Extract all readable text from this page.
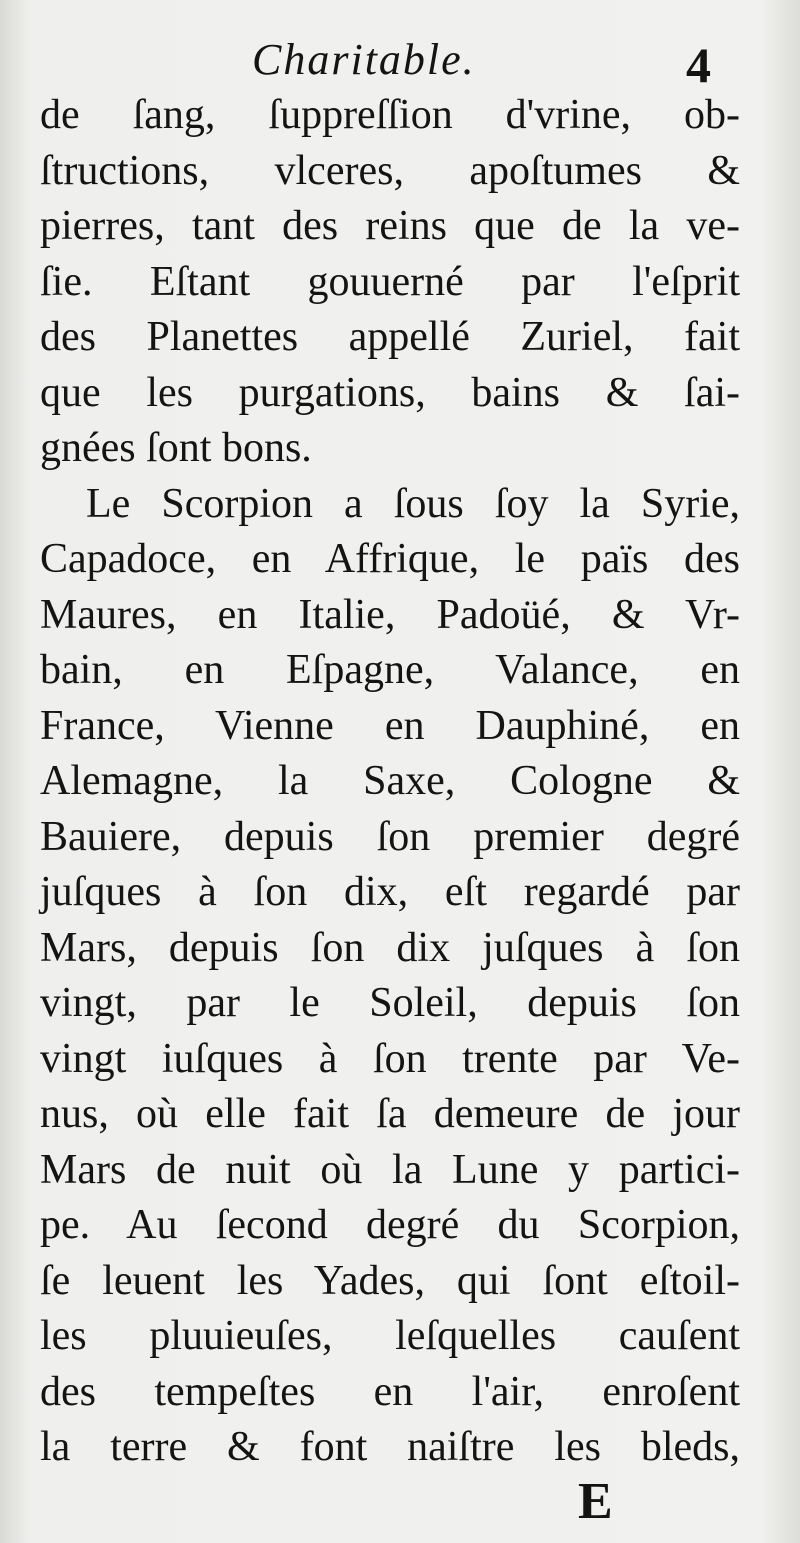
Charitable.	4
de ſang, ſuppreſſion d'vrine, ob-
ſtructions, vlceres, apoſtumes &
pierres, tant des reins que de la ve-
ſie. Eſtant gouuerné par l'eſprit
des Planettes appellé Zuriel, fait
que les purgations, bains & ſai-
gnées ſont bons.
Le Scorpion a ſous ſoy la Syrie,
Capadoce, en Affrique, le païs des
Maures, en Italie, Padoüé, & Vr-
bain, en Eſpagne, Valance, en
France, Vienne en Dauphiné, en
Alemagne, la Saxe, Cologne &
Bauiere, depuis ſon premier degré
juſques à ſon dix, eſt regardé par
Mars, depuis ſon dix juſques à ſon
vingt, par le Soleil, depuis ſon
vingt iuſques à ſon trente par Ve-
nus, où elle fait ſa demeure de jour
Mars de nuit où la Lune y partici-
pe. Au ſecond degré du Scorpion,
ſe leuent les Yades, qui ſont eſtoil-
les pluuieuſes, leſquelles cauſent
des tempeſtes en l'air, enroſent
la terre & font naiſtre les bleds,
E
